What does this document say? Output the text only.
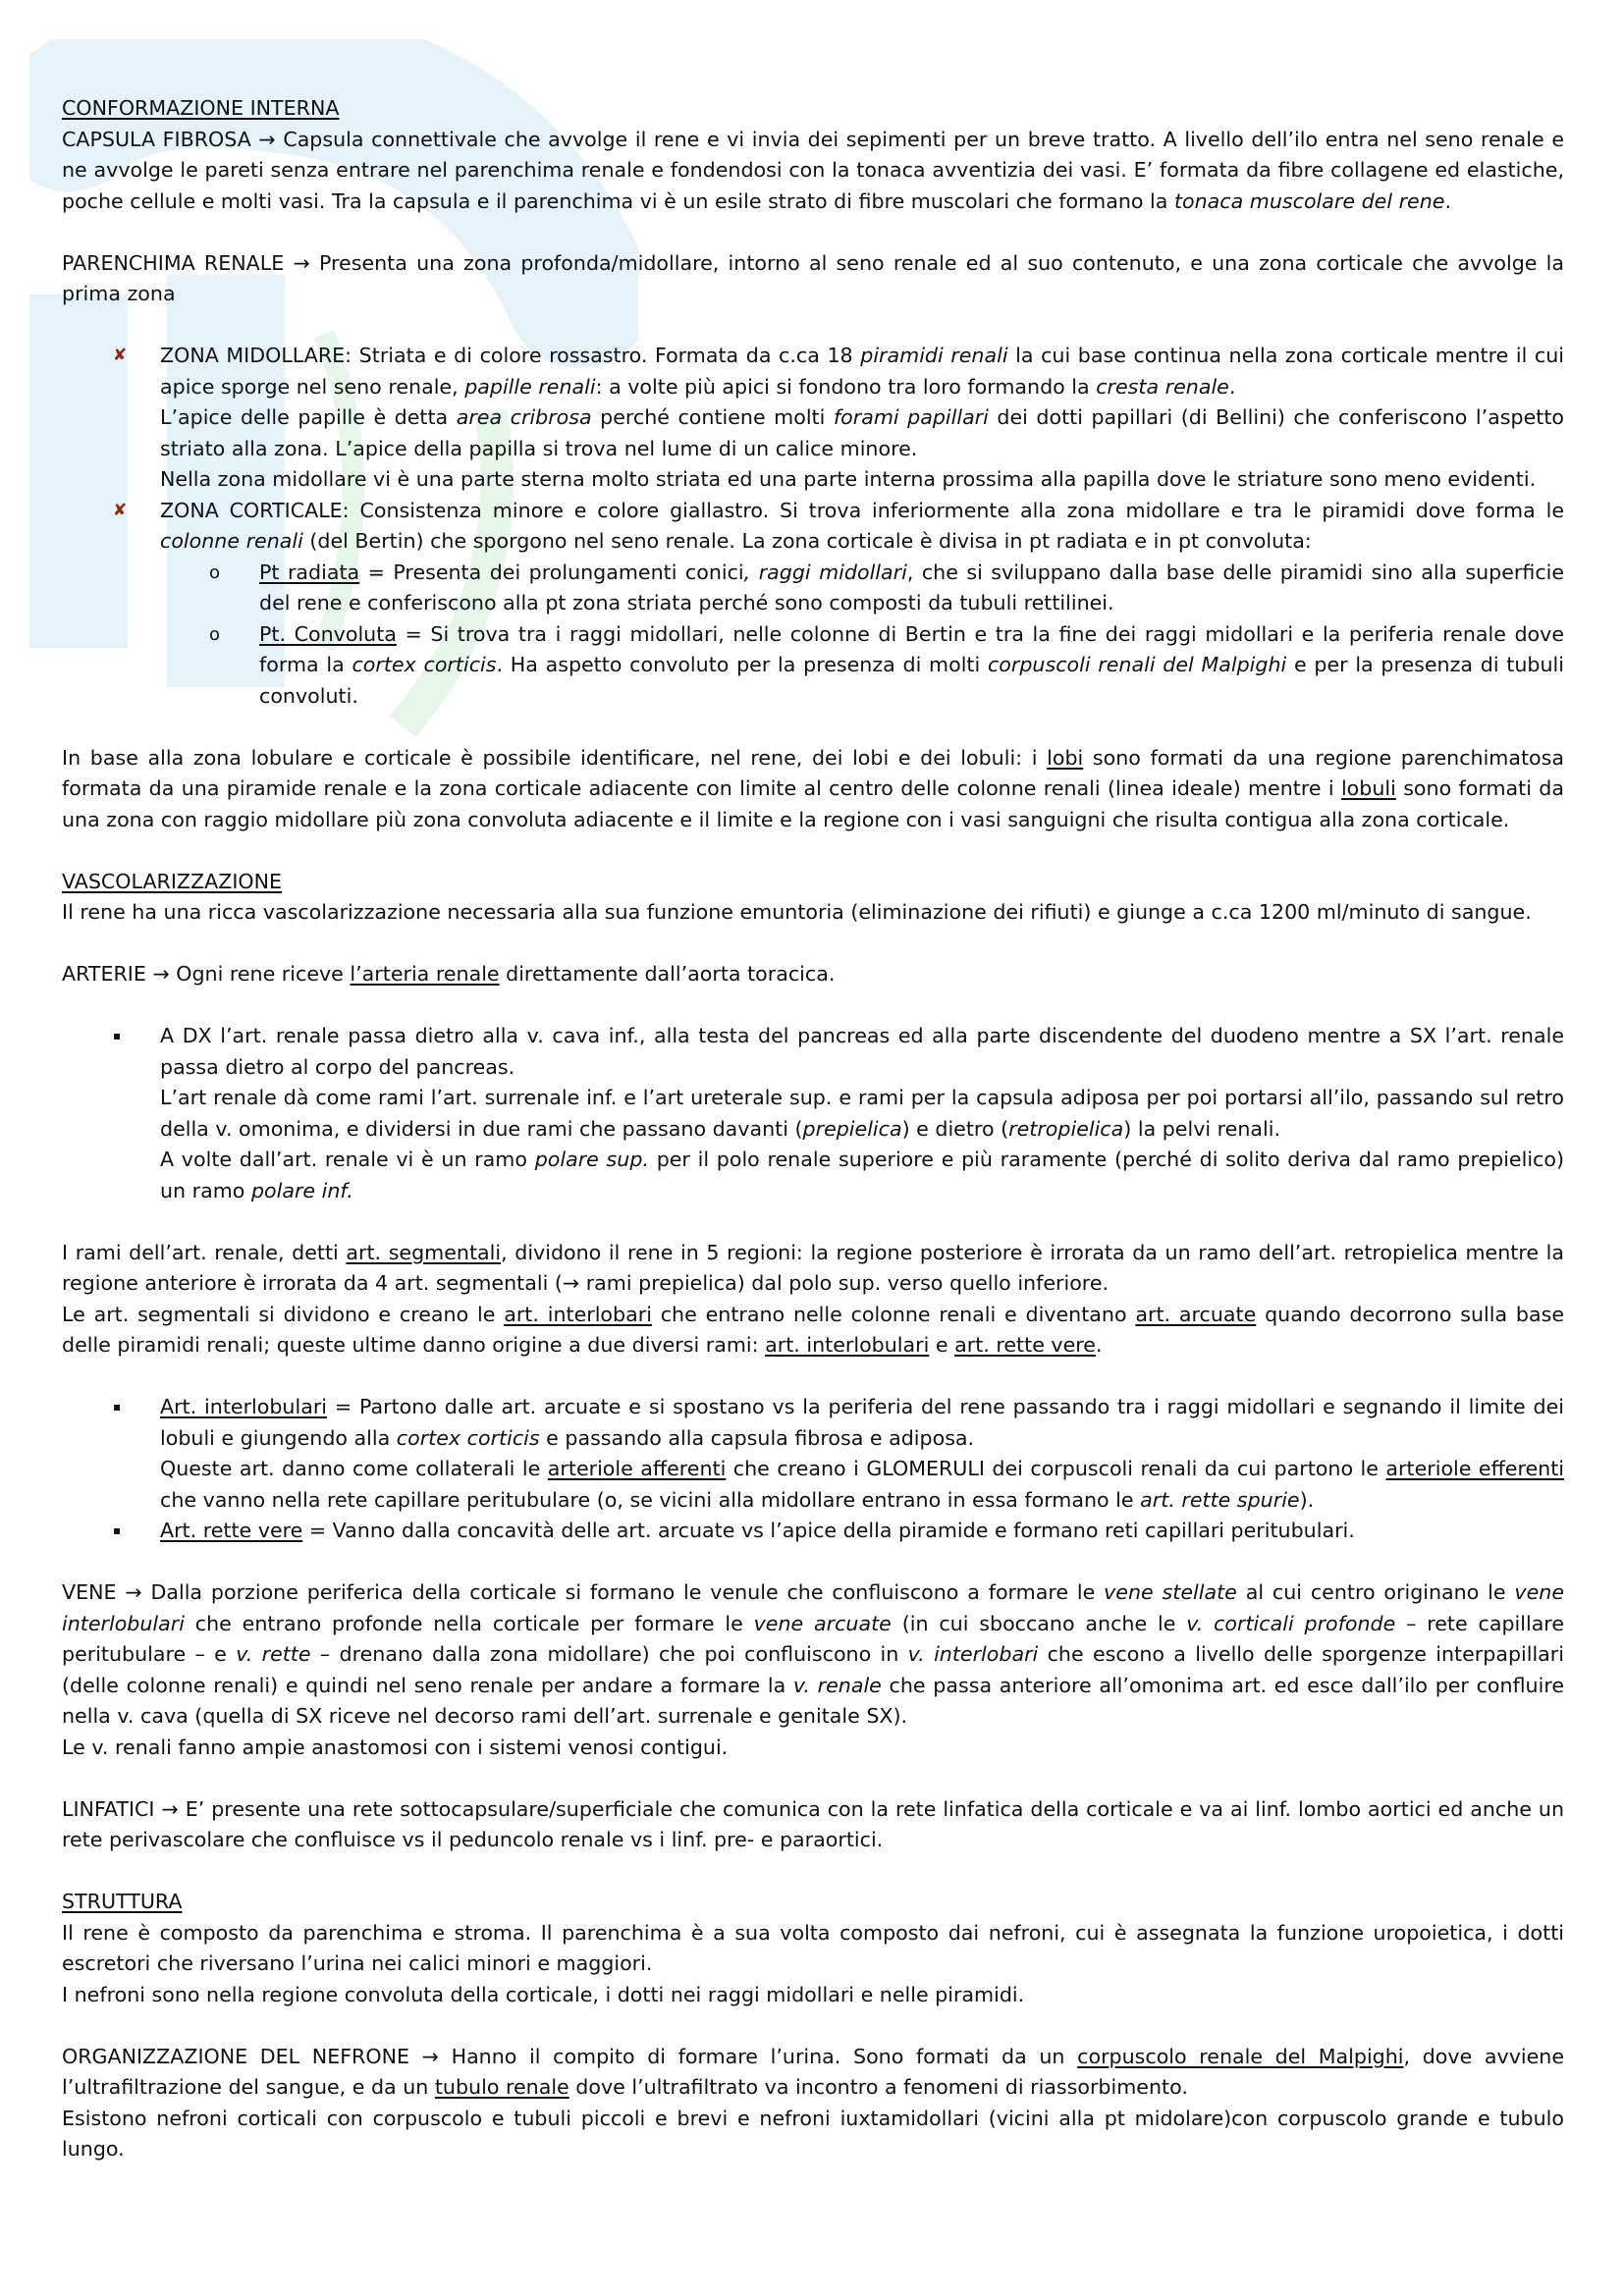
CONFORMAZIONE INTERNA

CAPSULA FIBROSA → Capsula connettivale che avvolge il rene e vi invia dei sepimenti per un breve tratto. A livello dell’ilo entra nel seno renale e ne avvolge le pareti senza entrare nel parenchima renale e fondendosi con la tonaca avventizia dei vasi. E’ formata da fibre collagene ed elastiche, poche cellule e molti vasi. Tra la capsula e il parenchima vi è un esile strato di fibre muscolari che formano la tonaca muscolare del rene.

PARENCHIMA RENALE → Presenta una zona profonda/midollare, intorno al seno renale ed al suo contenuto, e una zona corticale che avvolge la prima zona

✘	ZONA MIDOLLARE: Striata e di colore rossastro. Formata da c.ca 18 piramidi renali la cui base continua nella zona corticale mentre il cui apice sporge nel seno renale, papille renali: a volte più apici si fondono tra loro formando la cresta renale.

L’apice delle papille è detta area cribrosa perché contiene molti forami papillari dei dotti papillari (di Bellini) che conferiscono l’aspetto striato alla zona. L’apice della papilla si trova nel lume di un calice minore.

Nella zona midollare vi è una parte sterna molto striata ed una parte interna prossima alla papilla dove le striature sono meno evidenti.

✘	ZONA CORTICALE: Consistenza minore e colore giallastro. Si trova inferiormente alla zona midollare e tra le piramidi dove forma le colonne renali (del Bertin) che sporgono nel seno renale. La zona corticale è divisa in pt radiata e in pt convoluta:

o Pt radiata = Presenta dei prolungamenti conici, raggi midollari, che si sviluppano dalla base delle piramidi sino alla superficie del rene e conferiscono alla pt zona striata perché sono composti da tubuli rettilinei.

o Pt. Convoluta = Si trova tra i raggi midollari, nelle colonne di Bertin e tra la fine dei raggi midollari e la periferia renale dove forma la cortex corticis. Ha aspetto convoluto per la presenza di molti corpuscoli renali del Malpighi e per la presenza di tubuli convoluti.

In base alla zona lobulare e corticale è possibile identificare, nel rene, dei lobi e dei lobuli: i lobi sono formati da una regione parenchimatosa formata da una piramide renale e la zona corticale adiacente con limite al centro delle colonne renali (linea ideale) mentre i lobuli sono formati da una zona con raggio midollare più zona convoluta adiacente e il limite e la regione con i vasi sanguigni che risulta contigua alla zona corticale.

VASCOLARIZZAZIONE

Il rene ha una ricca vascolarizzazione necessaria alla sua funzione emuntoria (eliminazione dei rifiuti) e giunge a c.ca 1200 ml/minuto di sangue.

ARTERIE → Ogni rene riceve l’arteria renale direttamente dall’aorta toracica.

▪	A DX l’art. renale passa dietro alla v. cava inf., alla testa del pancreas ed alla parte discendente del duodeno mentre a SX l’art. renale passa dietro al corpo del pancreas.

L’art renale dà come rami l’art. surrenale inf. e l’art ureterale sup. e rami per la capsula adiposa per poi portarsi all’ilo, passando sul retro della v. omonima, e dividersi in due rami che passano davanti (prepielica) e dietro (retropielica) la pelvi renali.

A volte dall’art. renale vi è un ramo polare sup. per il polo renale superiore e più raramente (perché di solito deriva dal ramo prepielico) un ramo polare inf.

I rami dell’art. renale, detti art. segmentali, dividono il rene in 5 regioni: la regione posteriore è irrorata da un ramo dell’art. retropielica mentre la regione anteriore è irrorata da 4 art. segmentali (→ rami prepielica) dal polo sup. verso quello inferiore.

Le art. segmentali si dividono e creano le art. interlobari che entrano nelle colonne renali e diventano art. arcuate quando decorrono sulla base delle piramidi renali; queste ultime danno origine a due diversi rami: art. interlobulari e art. rette vere.

▪	Art. interlobulari = Partono dalle art. arcuate e si spostano vs la periferia del rene passando tra i raggi midollari e segnando il limite dei lobuli e giungendo alla cortex corticis e passando alla capsula fibrosa e adiposa.

Queste art. danno come collaterali le arteriole afferenti che creano i GLOMERULI dei corpuscoli renali da cui partono le arteriole efferenti che vanno nella rete capillare peritubulare (o, se vicini alla midollare entrano in essa formano le art. rette spurie).

▪	Art. rette vere = Vanno dalla concavità delle art. arcuate vs l’apice della piramide e formano reti capillari peritubulari.

VENE → Dalla porzione periferica della corticale si formano le venule che confluiscono a formare le vene stellate al cui centro originano le vene interlobulari che entrano profonde nella corticale per formare le vene arcuate (in cui sboccano anche le v. corticali profonde – rete capillare peritubulare – e v. rette – drenano dalla zona midollare) che poi confluiscono in v. interlobari che escono a livello delle sporgenze interpapillari (delle colonne renali) e quindi nel seno renale per andare a formare la v. renale che passa anteriore all’omonima art. ed esce dall’ilo per confluire nella v. cava (quella di SX riceve nel decorso rami dell’art. surrenale e genitale SX).

Le v. renali fanno ampie anastomosi con i sistemi venosi contigui.

LINFATICI → E’ presente una rete sottocapsulare/superficiale che comunica con la rete linfatica della corticale e va ai linf. lombo aortici ed anche un rete perivascolare che confluisce vs il peduncolo renale vs i linf. pre- e paraortici.

STRUTTURA

Il rene è composto da parenchima e stroma. Il parenchima è a sua volta composto dai nefroni, cui è assegnata la funzione uropoietica, i dotti escretori che riversano l’urina nei calici minori e maggiori.

I nefroni sono nella regione convoluta della corticale, i dotti nei raggi midollari e nelle piramidi.

ORGANIZZAZIONE DEL NEFRONE → Hanno il compito di formare l’urina. Sono formati da un corpuscolo renale del Malpighi, dove avviene l’ultrafiltrazione del sangue, e da un tubulo renale dove l’ultrafiltrato va incontro a fenomeni di riassorbimento.

Esistono nefroni corticali con corpuscolo e tubuli piccoli e brevi e nefroni iuxtamidollari (vicini alla pt midolare)con corpuscolo grande e tubulo lungo.
